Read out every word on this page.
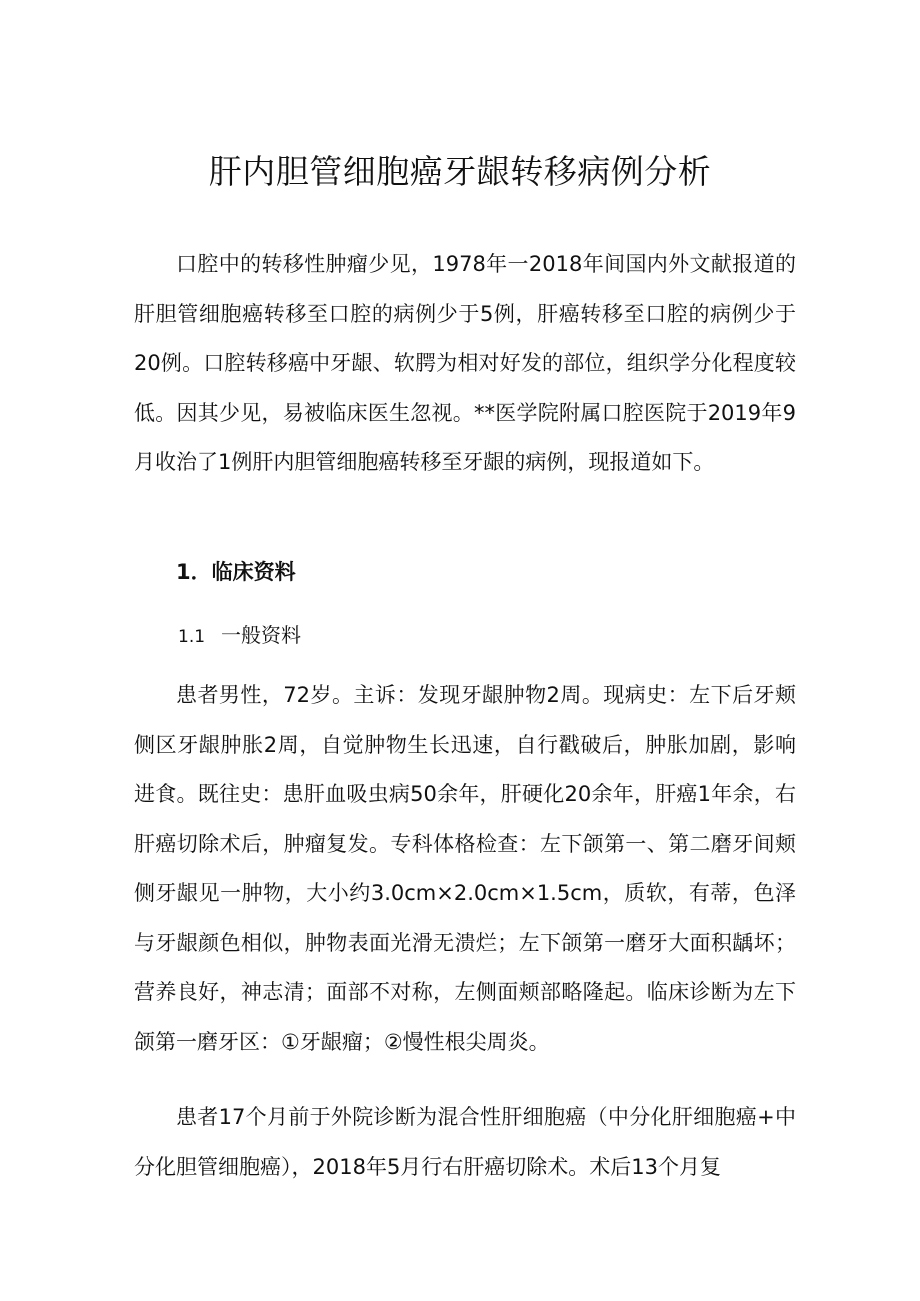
肝内胆管细胞癌牙龈转移病例分析

口腔中的转移性肿瘤少见，1978年一2018年间国内外文献报道的肝胆管细胞癌转移至口腔的病例少于5例，肝癌转移至口腔的病例少于20例。口腔转移癌中牙龈、软腭为相对好发的部位，组织学分化程度较低。因其少见，易被临床医生忽视。**医学院附属口腔医院于2019年9月收治了1例肝内胆管细胞癌转移至牙龈的病例，现报道如下。

1．临床资料
1.1 一般资料

患者男性，72岁。主诉：发现牙龈肿物2周。现病史：左下后牙颊侧区牙龈肿胀2周，自觉肿物生长迅速，自行戳破后，肿胀加剧，影响进食。既往史：患肝血吸虫病50余年，肝硬化20余年，肝癌1年余，右肝癌切除术后，肿瘤复发。专科体格检查：左下颌第一、第二磨牙间颊侧牙龈见一肿物，大小约3.0cm×2.0cm×1.5cm，质软，有蒂，色泽与牙龈颜色相似，肿物表面光滑无溃烂；左下颌第一磨牙大面积龋坏；营养良好，神志清；面部不对称，左侧面颊部略隆起。临床诊断为左下颌第一磨牙区：①牙龈瘤；②慢性根尖周炎。

患者17个月前于外院诊断为混合性肝细胞癌（中分化肝细胞癌+中分化胆管细胞癌），2018年5月行右肝癌切除术。术后13个月复
